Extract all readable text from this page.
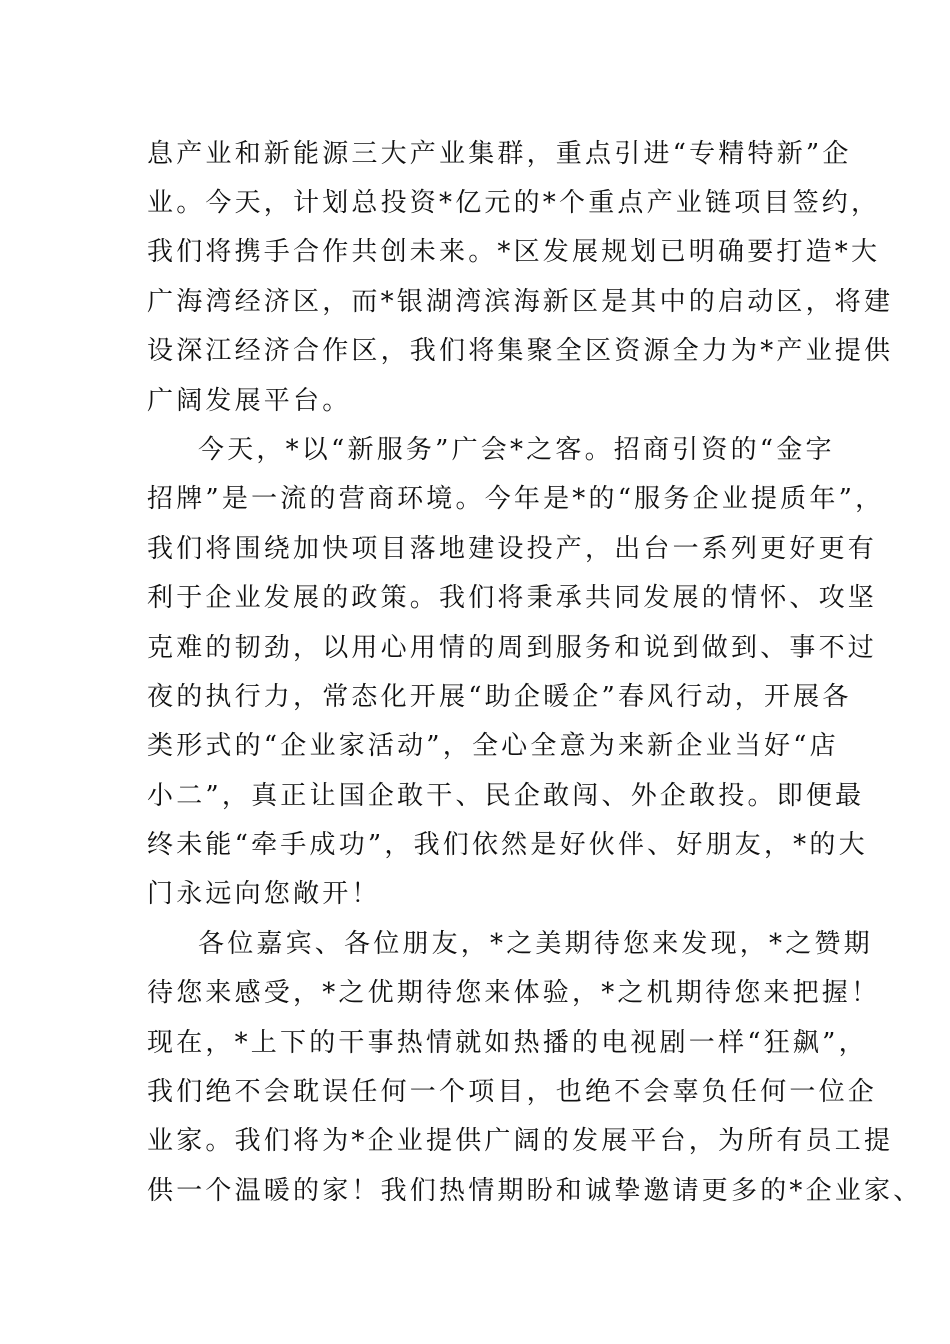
息产业和新能源三大产业集群，重点引进“专精特新”企
业。今天，计划总投资*亿元的*个重点产业链项目签约，
我们将携手合作共创未来。*区发展规划已明确要打造*大
广海湾经济区，而*银湖湾滨海新区是其中的启动区，将建
设深江经济合作区，我们将集聚全区资源全力为*产业提供
广阔发展平台。
今天，*以“新服务”广会*之客。招商引资的“金字
招牌”是一流的营商环境。今年是*的“服务企业提质年”，
我们将围绕加快项目落地建设投产，出台一系列更好更有
利于企业发展的政策。我们将秉承共同发展的情怀、攻坚
克难的韧劲，以用心用情的周到服务和说到做到、事不过
夜的执行力，常态化开展“助企暖企”春风行动，开展各
类形式的“企业家活动”，全心全意为来新企业当好“店
小二”，真正让国企敢干、民企敢闯、外企敢投。即便最
终未能“牵手成功”，我们依然是好伙伴、好朋友，*的大
门永远向您敞开！
各位嘉宾、各位朋友，*之美期待您来发现，*之赞期
待您来感受，*之优期待您来体验，*之机期待您来把握！
现在，*上下的干事热情就如热播的电视剧一样“狂飙”，
我们绝不会耽误任何一个项目，也绝不会辜负任何一位企
业家。我们将为*企业提供广阔的发展平台，为所有员工提
供一个温暖的家！我们热情期盼和诚挚邀请更多的*企业家、
